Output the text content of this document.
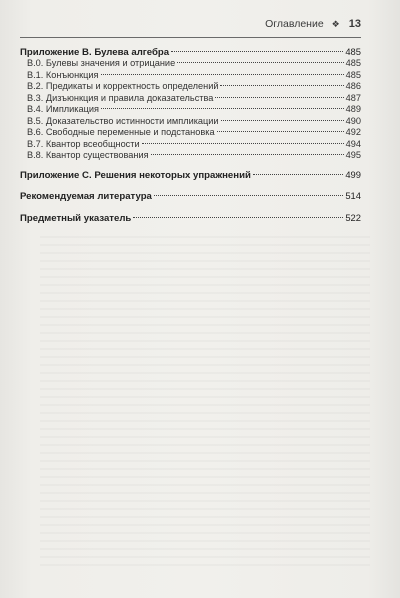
Оглавление ❖ 13
Приложение B. Булева алгебра	485
B.0. Булевы значения и отрицание	485
B.1. Конъюнкция	485
B.2. Предикаты и корректность определений	486
B.3. Дизъюнкция и правила доказательства	487
B.4. Импликация	489
B.5. Доказательство истинности импликации	490
B.6. Свободные переменные и подстановка	492
B.7. Квантор всеобщности	494
B.8. Квантор существования	495
Приложение C. Решения некоторых упражнений	499
Рекомендуемая литература	514
Предметный указатель	522
